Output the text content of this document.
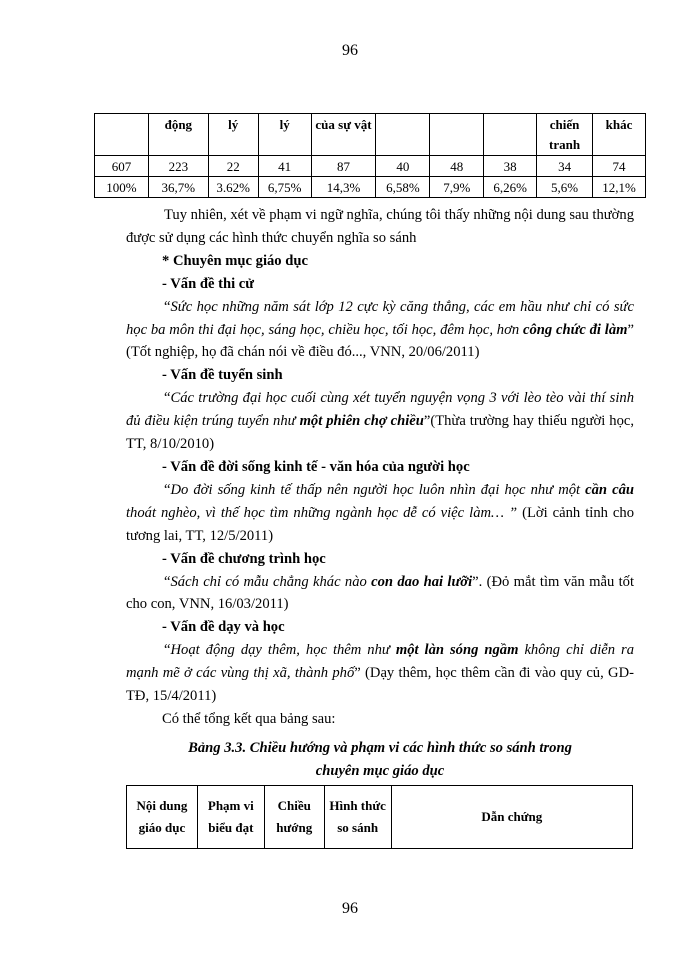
96
	động	lý	lý	của sự vật				chiến tranh	khác
607	223	22	41	87	40	48	38	34	74
100%	36,7%	3.62%	6,75%	14,3%	6,58%	7,9%	6,26%	5,6%	12,1%

Tuy nhiên, xét về phạm vi ngữ nghĩa, chúng tôi thấy những nội dung sau thường được sử dụng các hình thức chuyển nghĩa so sánh

* Chuyên mục giáo dục

- Vấn đề thi cử

“Sức học những năm sát lớp 12 cực kỳ căng thẳng, các em hầu như chỉ có sức học ba môn thi đại học, sáng học, chiều học, tối học, đêm học, hơn công chức đi làm” (Tốt nghiệp, họ đã chán nói về điều đó..., VNN, 20/06/2011)

- Vấn đề tuyển sinh

“Các trường đại học cuối cùng xét tuyển nguyện vọng 3 với lèo tèo vài thí sinh đủ điều kiện trúng tuyển như một phiên chợ chiều”(Thừa trường hay thiếu người học, TT, 8/10/2010)

- Vấn đề đời sống kinh tế - văn hóa của người học

“Do đời sống kinh tế thấp nên người học luôn nhìn đại học như một cần câu thoát nghèo, vì thế học tìm những ngành học dễ có việc làm… ” (Lời cảnh tỉnh cho tương lai, TT, 12/5/2011)

- Vấn đề chương trình học

“Sách chỉ có mẫu chẳng khác nào con dao hai lưỡi”. (Đỏ mắt tìm văn mẫu tốt cho con, VNN, 16/03/2011)

- Vấn đề dạy và học

“Hoạt động dạy thêm, học thêm như một làn sóng ngầm không chỉ diễn ra mạnh mẽ ở các vùng thị xã, thành phố” (Dạy thêm, học thêm cần đi vào quy củ, GD-TĐ, 15/4/2011)

Có thể tổng kết qua bảng sau:

Bảng 3.3. Chiều hướng và phạm vi các hình thức so sánh trong
chuyên mục giáo dục
Nội dung giáo dục	Phạm vi biểu đạt	Chiều hướng	Hình thức so sánh	Dẫn chứng
96
